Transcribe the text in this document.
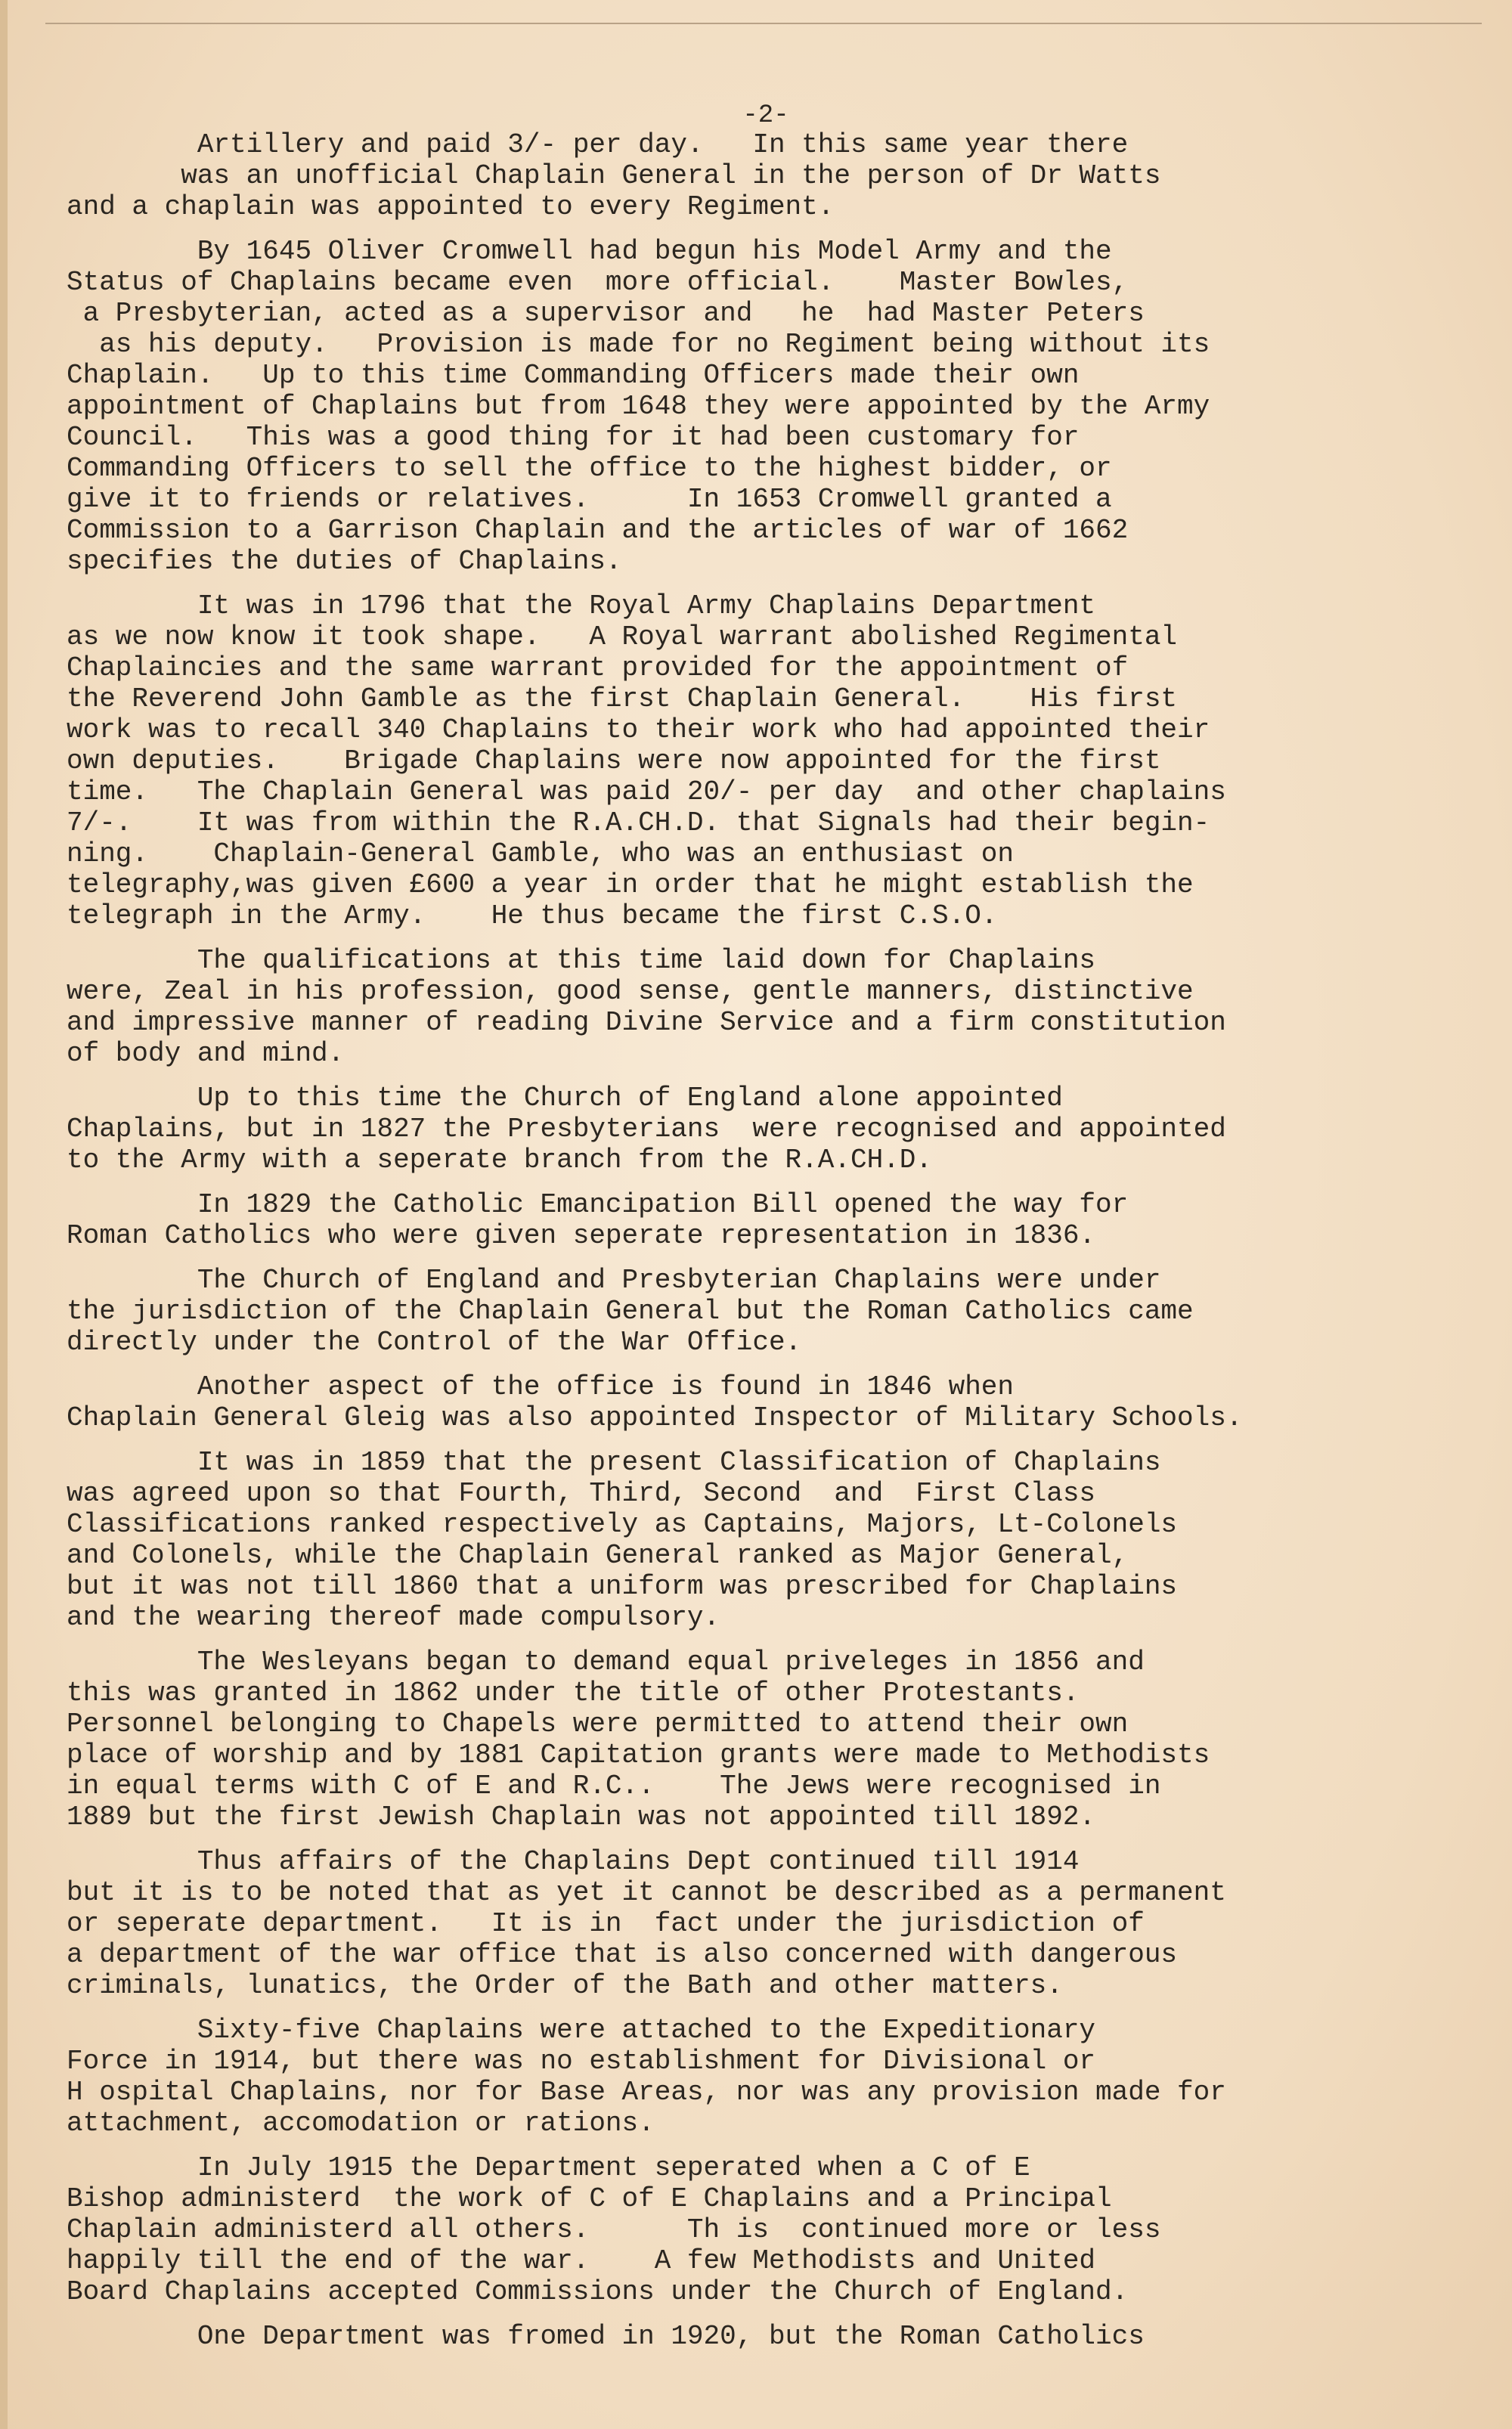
-2-
Artillery and paid 3/- per day.   In this same year there
was an unofficial Chaplain General in the person of Dr Watts
and a chaplain was appointed to every Regiment.
By 1645 Oliver Cromwell had begun his Model Army and the
Status of Chaplains became even  more official.    Master Bowles,
a Presbyterian, acted as a supervisor and   he  had Master Peters
as his deputy.   Provision is made for no Regiment being without its
Chaplain.   Up to this time Commanding Officers made their own
appointment of Chaplains but from 1648 they were appointed by the Army
Council.   This was a good thing for it had been customary for
Commanding Officers to sell the office to the highest bidder, or
give it to friends or relatives.      In 1653 Cromwell granted a
Commission to a Garrison Chaplain and the articles of war of 1662
specifies the duties of Chaplains.
It was in 1796 that the Royal Army Chaplains Department
as we now know it took shape.   A Royal warrant abolished Regimental
Chaplaincies and the same warrant provided for the appointment of
the Reverend John Gamble as the first Chaplain General.    His first
work was to recall 340 Chaplains to their work who had appointed their
own deputies.    Brigade Chaplains were now appointed for the first
time.   The Chaplain General was paid 20/- per day  and other chaplains
7/-.    It was from within the R.A.CH.D. that Signals had their begin-
ning.    Chaplain-General Gamble, who was an enthusiast on
telegraphy,was given £600 a year in order that he might establish the
telegraph in the Army.    He thus became the first C.S.O.
The qualifications at this time laid down for Chaplains
were, Zeal in his profession, good sense, gentle manners, distinctive
and impressive manner of reading Divine Service and a firm constitution
of body and mind.
Up to this time the Church of England alone appointed
Chaplains, but in 1827 the Presbyterians  were recognised and appointed
to the Army with a seperate branch from the R.A.CH.D.
In 1829 the Catholic Emancipation Bill opened the way for
Roman Catholics who were given seperate representation in 1836.
The Church of England and Presbyterian Chaplains were under
the jurisdiction of the Chaplain General but the Roman Catholics came
directly under the Control of the War Office.
Another aspect of the office is found in 1846 when
Chaplain General Gleig was also appointed Inspector of Military Schools.
It was in 1859 that the present Classification of Chaplains
was agreed upon so that Fourth, Third, Second  and  First Class
Classifications ranked respectively as Captains, Majors, Lt-Colonels
and Colonels, while the Chaplain General ranked as Major General,
but it was not till 1860 that a uniform was prescribed for Chaplains
and the wearing thereof made compulsory.
The Wesleyans began to demand equal priveleges in 1856 and
this was granted in 1862 under the title of other Protestants.
Personnel belonging to Chapels were permitted to attend their own
place of worship and by 1881 Capitation grants were made to Methodists
in equal terms with C of E and R.C..    The Jews were recognised in
1889 but the first Jewish Chaplain was not appointed till 1892.
Thus affairs of the Chaplains Dept continued till 1914
but it is to be noted that as yet it cannot be described as a permanent
or seperate department.   It is in  fact under the jurisdiction of
a department of the war office that is also concerned with dangerous
criminals, lunatics, the Order of the Bath and other matters.
Sixty-five Chaplains were attached to the Expeditionary
Force in 1914, but there was no establishment for Divisional or
H ospital Chaplains, nor for Base Areas, nor was any provision made for
attachment, accomodation or rations.
In July 1915 the Department seperated when a C of E
Bishop administerd  the work of C of E Chaplains and a Principal
Chaplain administerd all others.      Th is  continued more or less
happily till the end of the war.    A few Methodists and United
Board Chaplains accepted Commissions under the Church of England.
One Department was fromed in 1920, but the Roman Catholics
